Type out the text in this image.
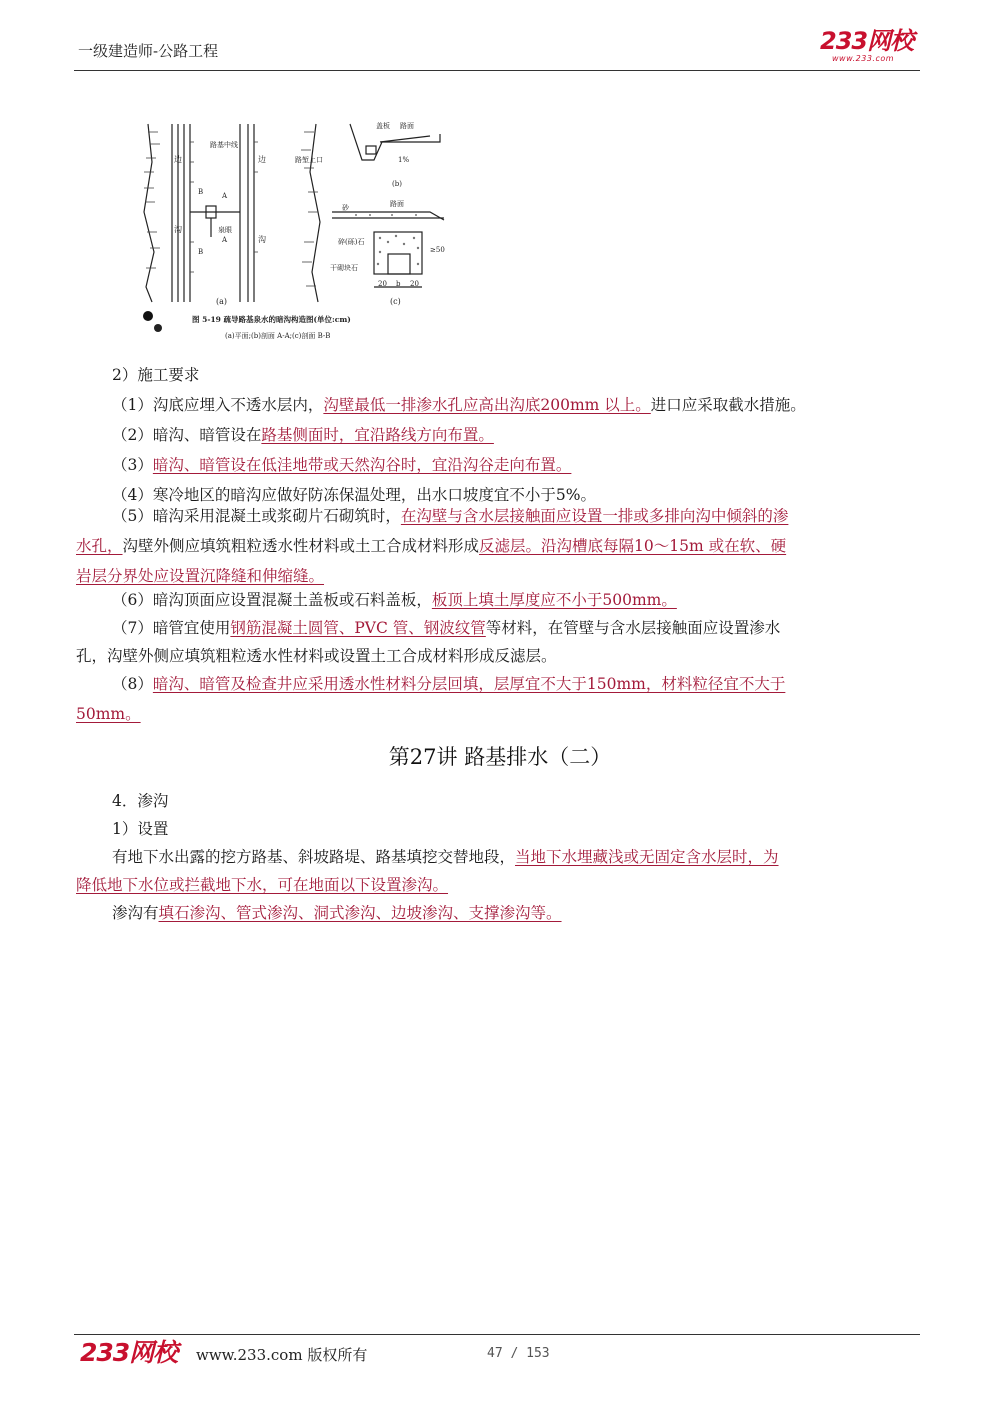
一级建造师-公路工程	233网校
www.233.com
边
沟
边
沟
路基中线
路堑上口
泉眼
B	A
B
A
(a)
盖板 路面
1%
(b)
砂	路面
碎(砾)石
干砌块石
20 b 20
≥50
(c)
图 5-19 疏导路基泉水的暗沟构造图(单位:cm)
(a)平面;(b)剖面 A-A;(c)剖面 B-B
2）施工要求
（1）沟底应埋入不透水层内，沟壁最低一排渗水孔应高出沟底200mm 以上。进口应采取截水措施。
（2）暗沟、暗管设在路基侧面时，宜沿路线方向布置。
（3）暗沟、暗管设在低洼地带或天然沟谷时，宜沿沟谷走向布置。
（4）寒冷地区的暗沟应做好防冻保温处理，出水口坡度宜不小于5%。
（5）暗沟采用混凝土或浆砌片石砌筑时，在沟壁与含水层接触面应设置一排或多排向沟中倾斜的渗
水孔，沟壁外侧应填筑粗粒透水性材料或土工合成材料形成反滤层。沿沟槽底每隔10～15m 或在软、硬
岩层分界处应设置沉降缝和伸缩缝。
（6）暗沟顶面应设置混凝土盖板或石料盖板，板顶上填土厚度应不小于500mm。
（7）暗管宜使用钢筋混凝土圆管、PVC 管、钢波纹管等材料，在管壁与含水层接触面应设置渗水
孔，沟壁外侧应填筑粗粒透水性材料或设置土工合成材料形成反滤层。
（8）暗沟、暗管及检查井应采用透水性材料分层回填，层厚宜不大于150mm，材料粒径宜不大于
50mm。
第27讲 路基排水（二）
4．渗沟
1）设置
有地下水出露的挖方路基、斜坡路堤、路基填挖交替地段，当地下水埋藏浅或无固定含水层时，为
降低地下水位或拦截地下水，可在地面以下设置渗沟。
渗沟有填石渗沟、管式渗沟、洞式渗沟、边坡渗沟、支撑渗沟等。
233网校 www.233.com 版权所有	47 / 153
